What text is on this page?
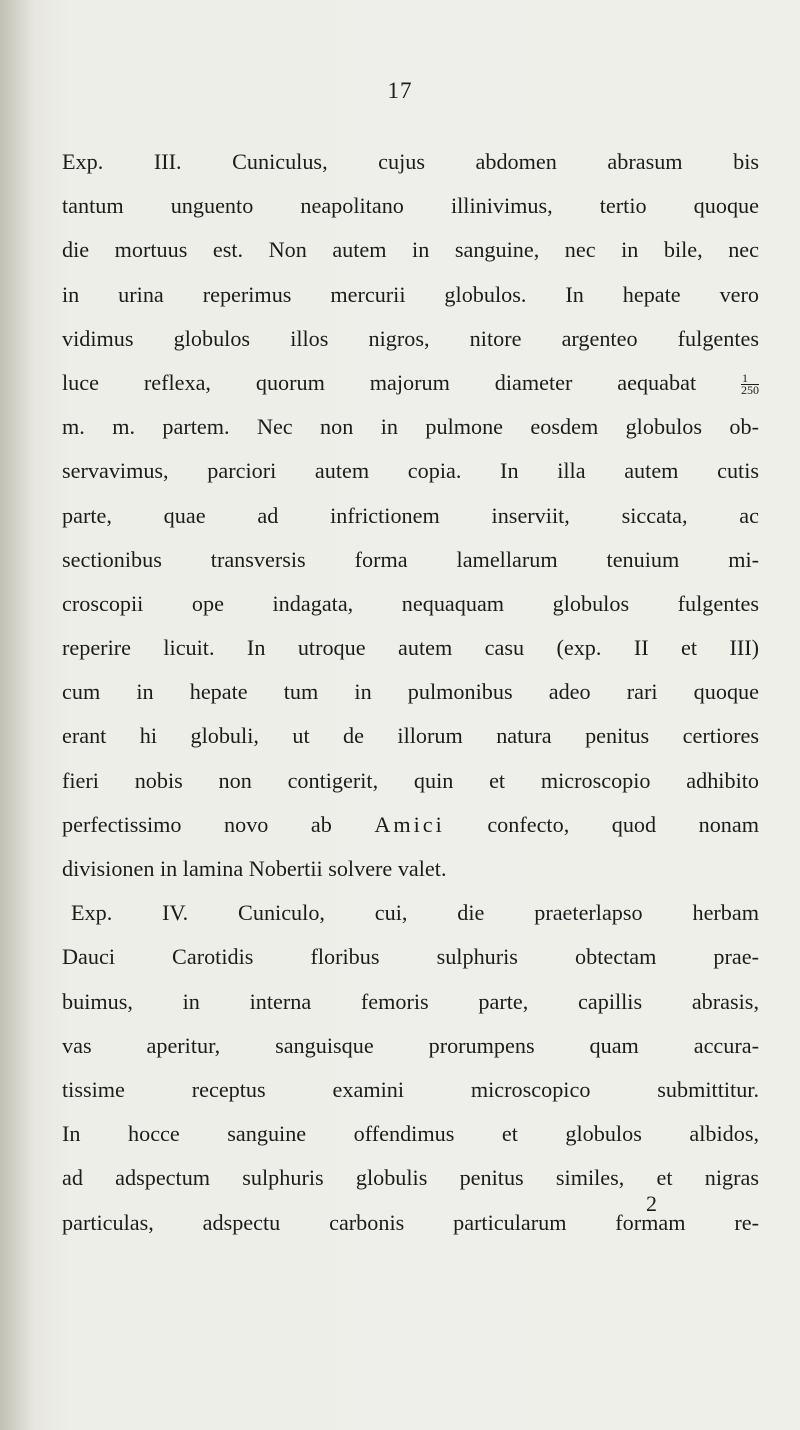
17
Exp. III. Cuniculus, cujus abdomen abrasum bis
tantum unguento neapolitano illinivimus, tertio quoque
die mortuus est. Non autem in sanguine, nec in bile, nec
in urina reperimus mercurii globulos. In hepate vero
vidimus globulos illos nigros, nitore argenteo fulgentes
luce reflexa, quorum majorum diameter aequabat	$\frac{1}{250}$
m. m. partem. Nec non in pulmone eosdem globulos ob-
servavimus, parciori autem copia. In illa autem cutis
parte, quae ad infrictionem inserviit, siccata, ac
sectionibus transversis forma lamellarum tenuium mi-
croscopii ope indagata, nequaquam globulos fulgentes
reperire licuit. In utroque autem casu (exp. II et III)
cum in hepate tum in pulmonibus adeo rari quoque
erant hi globuli, ut de illorum natura penitus certiores
fieri nobis non contigerit, quin et microscopio adhibito
perfectissimo novo ab Amici confecto, quod nonam
divisionen in lamina Nobertii solvere valet.
Exp. IV. Cuniculo, cui, die praeterlapso herbam
Dauci Carotidis floribus sulphuris obtectam prae-
buimus, in interna femoris parte, capillis abrasis,
vas aperitur, sanguisque prorumpens quam accura-
tissime receptus examini microscopico submittitur.
In hocce sanguine offendimus et globulos albidos,
ad adspectum sulphuris globulis penitus similes, et nigras
particulas, adspectu carbonis particularum formam re-
2
